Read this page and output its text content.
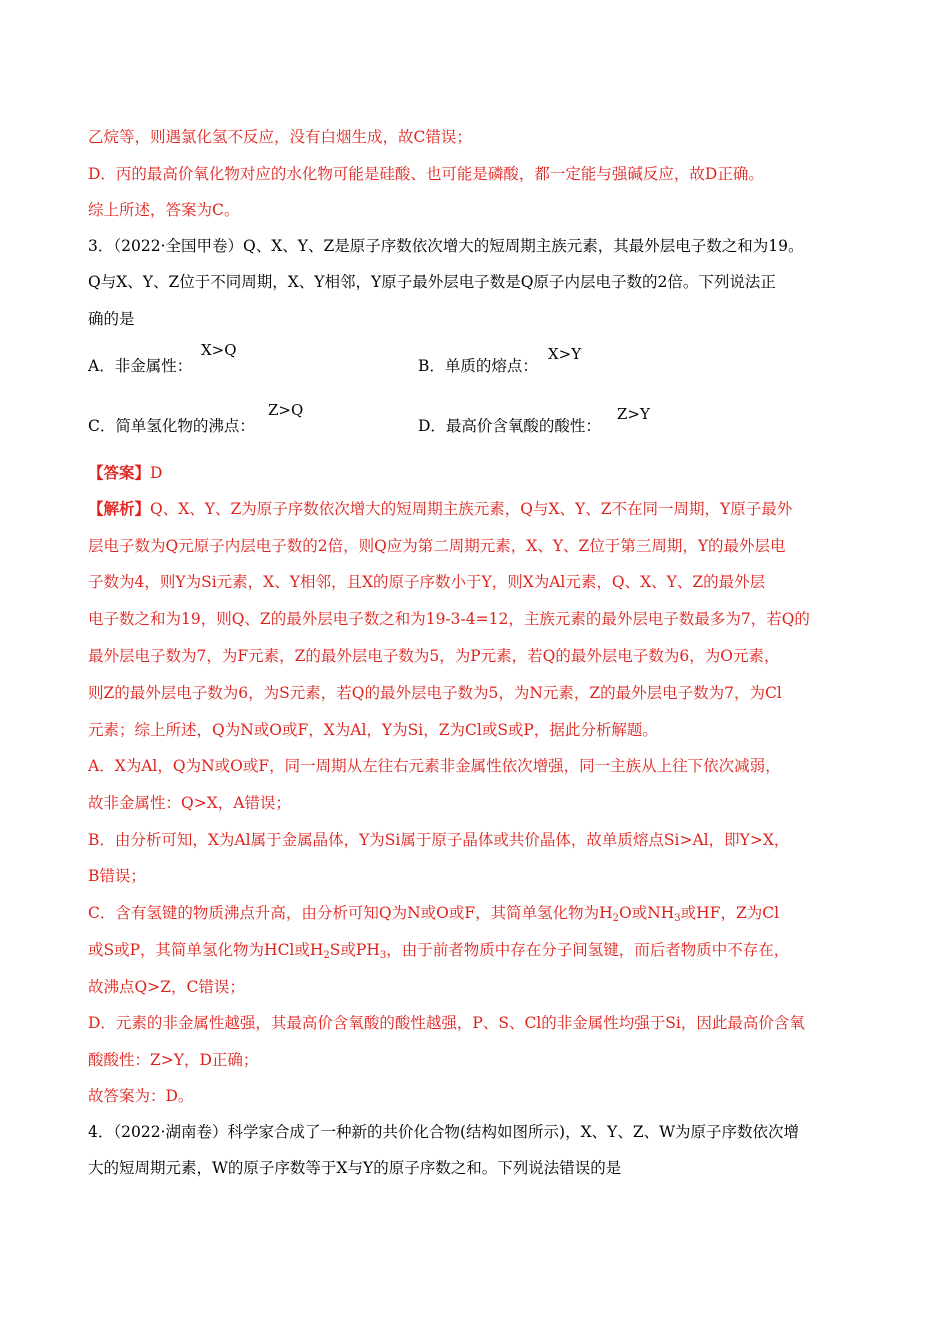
乙烷等，则遇氯化氢不反应，没有白烟生成，故C错误；
D．丙的最高价氧化物对应的水化物可能是硅酸、也可能是磷酸，都一定能与强碱反应，故D正确。
综上所述，答案为C。
3．（2022·全国甲卷）Q、X、Y、Z是原子序数依次增大的短周期主族元素，其最外层电子数之和为19。
Q与X、Y、Z位于不同周期，X、Y相邻，Y原子最外层电子数是Q原子内层电子数的2倍。下列说法正
确的是
A．非金属性：
X>Q
B．单质的熔点：
X>Y
C．简单氢化物的沸点：
Z>Q
D．最高价含氧酸的酸性：
Z>Y
【答案】D
【解析】Q、X、Y、Z为原子序数依次增大的短周期主族元素，Q与X、Y、Z不在同一周期，Y原子最外
层电子数为Q元原子内层电子数的2倍，则Q应为第二周期元素，X、Y、Z位于第三周期，Y的最外层电
子数为4，则Y为Si元素，X、Y相邻，且X的原子序数小于Y，则X为Al元素，Q、X、Y、Z的最外层
电子数之和为19，则Q、Z的最外层电子数之和为19-3-4=12，主族元素的最外层电子数最多为7，若Q的
最外层电子数为7，为F元素，Z的最外层电子数为5，为P元素，若Q的最外层电子数为6，为O元素，
则Z的最外层电子数为6，为S元素，若Q的最外层电子数为5，为N元素，Z的最外层电子数为7，为Cl
元素；综上所述，Q为N或O或F，X为Al，Y为Si，Z为Cl或S或P，据此分析解题。
A．X为Al，Q为N或O或F，同一周期从左往右元素非金属性依次增强，同一主族从上往下依次减弱，
故非金属性：Q>X，A错误；
B．由分析可知，X为Al属于金属晶体，Y为Si属于原子晶体或共价晶体，故单质熔点Si>Al，即Y>X，
B错误；
C．含有氢键的物质沸点升高，由分析可知Q为N或O或F，其简单氢化物为$H_2O$或$NH_3$或HF，Z为Cl
或S或P，其简单氢化物为HCl或$H_2S$或$PH_3$，由于前者物质中存在分子间氢键，而后者物质中不存在，
故沸点Q>Z，C错误；
D．元素的非金属性越强，其最高价含氧酸的酸性越强，P、S、Cl的非金属性均强于Si，因此最高价含氧
酸酸性：Z>Y，D正确；
故答案为：D。
4．（2022·湖南卷）科学家合成了一种新的共价化合物(结构如图所示)，X、Y、Z、W为原子序数依次增
大的短周期元素，W的原子序数等于X与Y的原子序数之和。下列说法错误的是
